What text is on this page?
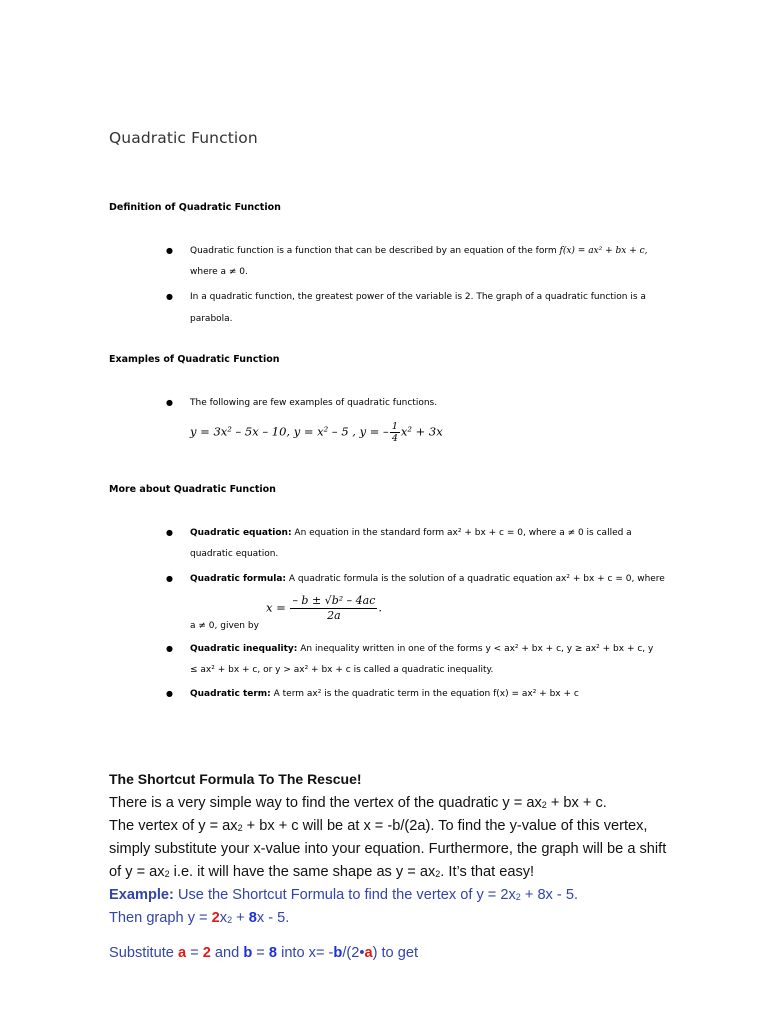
Quadratic Function
Definition of Quadratic Function
● Quadratic function is a function that can be described by an equation of the form f(x) = ax² + bx + c,
where a ≠ 0.
● In a quadratic function, the greatest power of the variable is 2. The graph of a quadratic function is a
parabola.
Examples of Quadratic Function
● The following are few examples of quadratic functions.
y = 3x² – 5x – 10, y = x² – 5 , y = – $\frac{1}{4} x^2 + 3x$
More about Quadratic Function
● Quadratic equation: An equation in the standard form ax² + bx + c = 0, where a ≠ 0 is called a
quadratic equation.
● Quadratic formula: A quadratic formula is the solution of a quadratic equation ax² + bx + c = 0, where
a ≠ 0, given by
$x = \frac{\text{– b ± √b² – 4ac}}{2a}$ .
● Quadratic inequality: An inequality written in one of the forms y < ax² + bx + c, y ≥ ax² + bx + c, y
≤ ax² + bx + c, or y > ax² + bx + c is called a quadratic inequality.
● Quadratic term: A term ax² is the quadratic term in the equation f(x) = ax² + bx + c
The Shortcut Formula To The Rescue!
There is a very simple way to find the vertex of the quadratic y = ax2 + bx + c.
The vertex of y = ax2 + bx + c will be at x = -b/(2a). To find the y-value of this vertex,
simply substitute your x-value into your equation. Furthermore, the graph will be a shift
of y = ax2 i.e. it will have the same shape as y = ax2. It’s that easy!
Example: Use the Shortcut Formula to find the vertex of y = 2x2 + 8x - 5.
Then graph y = 2x2 + 8x - 5.
Substitute a = 2 and b = 8 into x= -b/(2•a) to get
